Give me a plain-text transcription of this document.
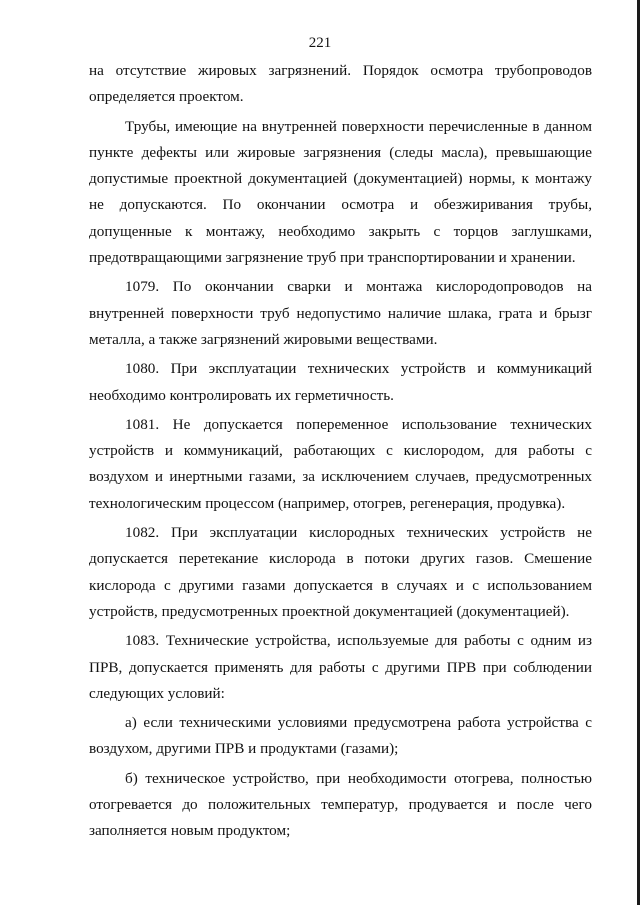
221

на отсутствие жировых загрязнений. Порядок осмотра трубопроводов определяется проектом.

Трубы, имеющие на внутренней поверхности перечисленные в данном пункте дефекты или жировые загрязнения (следы масла), превышающие допустимые проектной документацией (документацией) нормы, к монтажу не допускаются. По окончании осмотра и обезжиривания трубы, допущенные к монтажу, необходимо закрыть с торцов заглушками, предотвращающими загрязнение труб при транспортировании и хранении.

1079. По окончании сварки и монтажа кислородопроводов на внутренней поверхности труб недопустимо наличие шлака, грата и брызг металла, а также загрязнений жировыми веществами.

1080. При эксплуатации технических устройств и коммуникаций необходимо контролировать их герметичность.

1081. Не допускается попеременное использование технических устройств и коммуникаций, работающих с кислородом, для работы с воздухом и инертными газами, за исключением случаев, предусмотренных технологическим процессом (например, отогрев, регенерация, продувка).

1082. При эксплуатации кислородных технических устройств не допускается перетекание кислорода в потоки других газов. Смешение кислорода с другими газами допускается в случаях и с использованием устройств, предусмотренных проектной документацией (документацией).

1083. Технические устройства, используемые для работы с одним из ПРВ, допускается применять для работы с другими ПРВ при соблюдении следующих условий:

а) если техническими условиями предусмотрена работа устройства с воздухом, другими ПРВ и продуктами (газами);

б) техническое устройство, при необходимости отогрева, полностью отогревается до положительных температур, продувается и после чего заполняется новым продуктом;
